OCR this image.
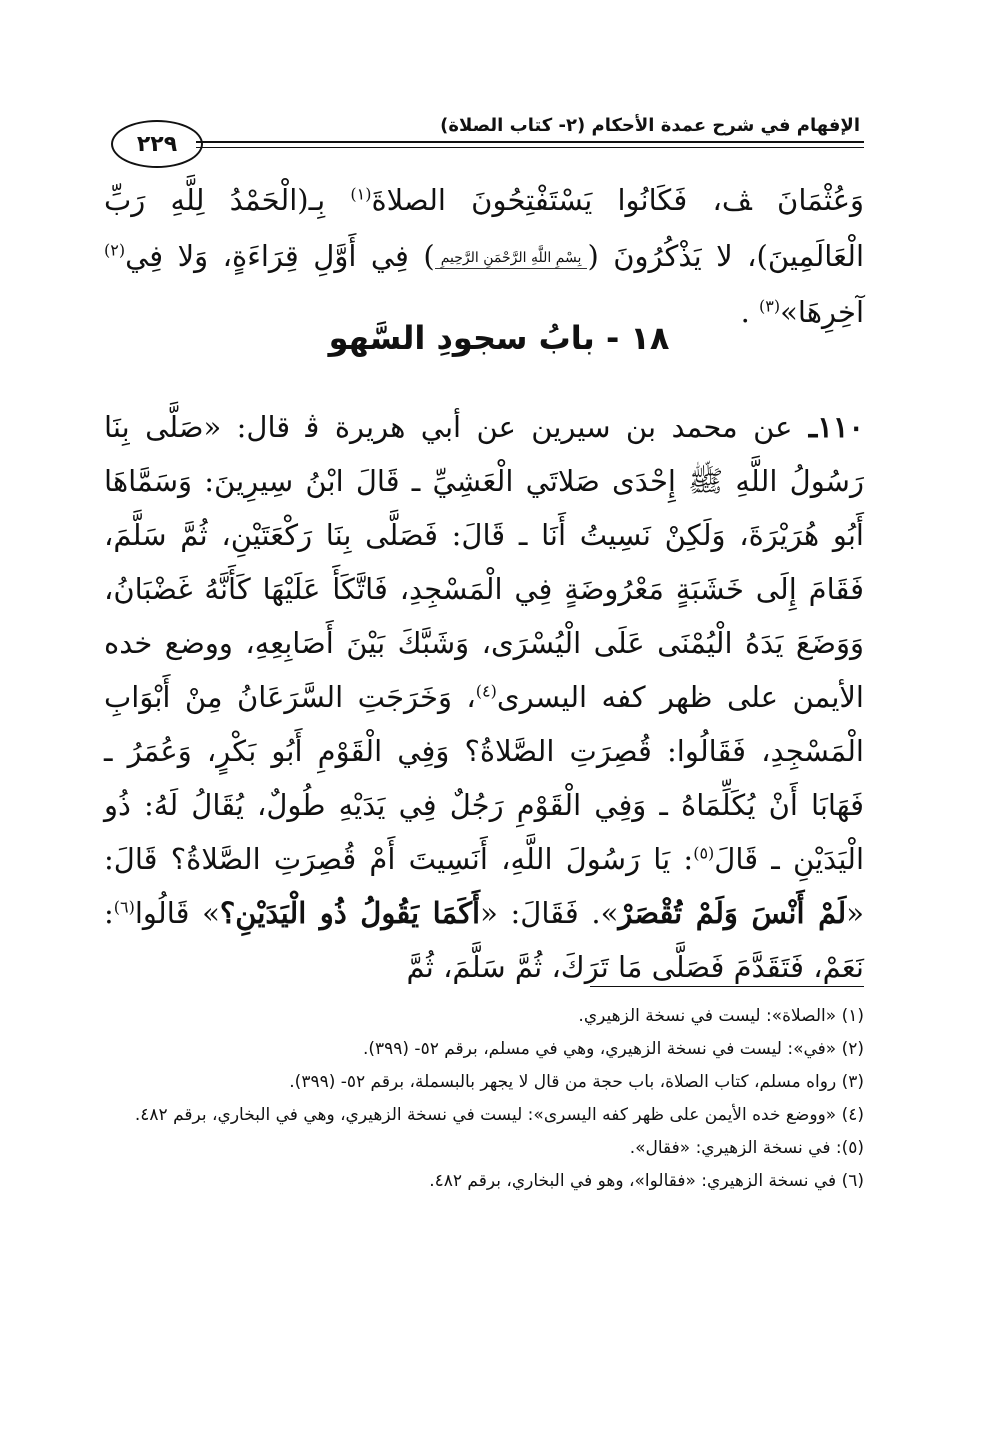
الإفهام في شرح عمدة الأحكام (٢- كتاب الصلاة)
٢٢٩
وَعُثْمَانَ ﭫ، فَكَانُوا يَسْتَفْتِحُونَ الصلاةَ$^{(١)}$ بِـ(الْحَمْدُ لِلَّهِ رَبِّ الْعَالَمِينَ)، لا يَذْكُرُونَ (بِسْمِ اللَّهِ الرَّحْمَنِ الرَّحِيمِ) فِي أَوَّلِ قِرَاءَةٍ، وَلا فِي$^{(٢)}$ آخِرِهَا»$^{(٣)}$ .
١٨ - بابُ سجودِ السَّهو
١١٠ـ عن محمد بن سيرين عن أبي هريرة ﭬ قال: «صَلَّى بِنَا رَسُولُ اللَّهِ ﷺ إِحْدَى صَلاتَي الْعَشِيِّ ـ قَالَ ابْنُ سِيرِينَ: وَسَمَّاهَا أَبُو هُرَيْرَةَ، وَلَكِنْ نَسِيتُ أَنَا ـ قَالَ: فَصَلَّى بِنَا رَكْعَتَيْنِ، ثُمَّ سَلَّمَ، فَقَامَ إِلَى خَشَبَةٍ مَعْرُوضَةٍ فِي الْمَسْجِدِ، فَاتَّكَأَ عَلَيْهَا كَأَنَّهُ غَضْبَانُ، وَوَضَعَ يَدَهُ الْيُمْنَى عَلَى الْيُسْرَى، وَشَبَّكَ بَيْنَ أَصَابِعِهِ، ووضع خده الأيمن على ظهر كفه اليسرى$^{(٤)}$، وَخَرَجَتِ السَّرَعَانُ مِنْ أَبْوَابِ الْمَسْجِدِ، فَقَالُوا: قُصِرَتِ الصَّلاةُ؟ وَفِي الْقَوْمِ أَبُو بَكْرٍ، وَعُمَرُ ـ فَهَابَا أَنْ يُكَلِّمَاهُ ـ وَفِي الْقَوْمِ رَجُلٌ فِي يَدَيْهِ طُولٌ، يُقَالُ لَهُ: ذُو الْيَدَيْنِ ـ قَالَ$^{(٥)}$: يَا رَسُولَ اللَّهِ، أَنَسِيتَ أَمْ قُصِرَتِ الصَّلاةُ؟ قَالَ: «لَمْ أَنْسَ وَلَمْ تُقْصَرْ». فَقَالَ: «أَكَمَا يَقُولُ ذُو الْيَدَيْنِ؟» قَالُوا$^{(٦)}$: نَعَمْ، فَتَقَدَّمَ فَصَلَّى مَا تَرَكَ، ثُمَّ سَلَّمَ، ثُمَّ

(١) «الصلاة»: ليست في نسخة الزهيري.

(٢) «في»: ليست في نسخة الزهيري، وهي في مسلم، برقم ٥٢- (٣٩٩).

(٣) رواه مسلم، كتاب الصلاة، باب حجة من قال لا يجهر بالبسملة، برقم ٥٢- (٣٩٩).

(٤) «ووضع خده الأيمن على ظهر كفه اليسرى»: ليست في نسخة الزهيري، وهي في البخاري، برقم ٤٨٢.

(٥): في نسخة الزهيري: «فقال».

(٦) في نسخة الزهيري: «فقالوا»، وهو في البخاري، برقم ٤٨٢.
